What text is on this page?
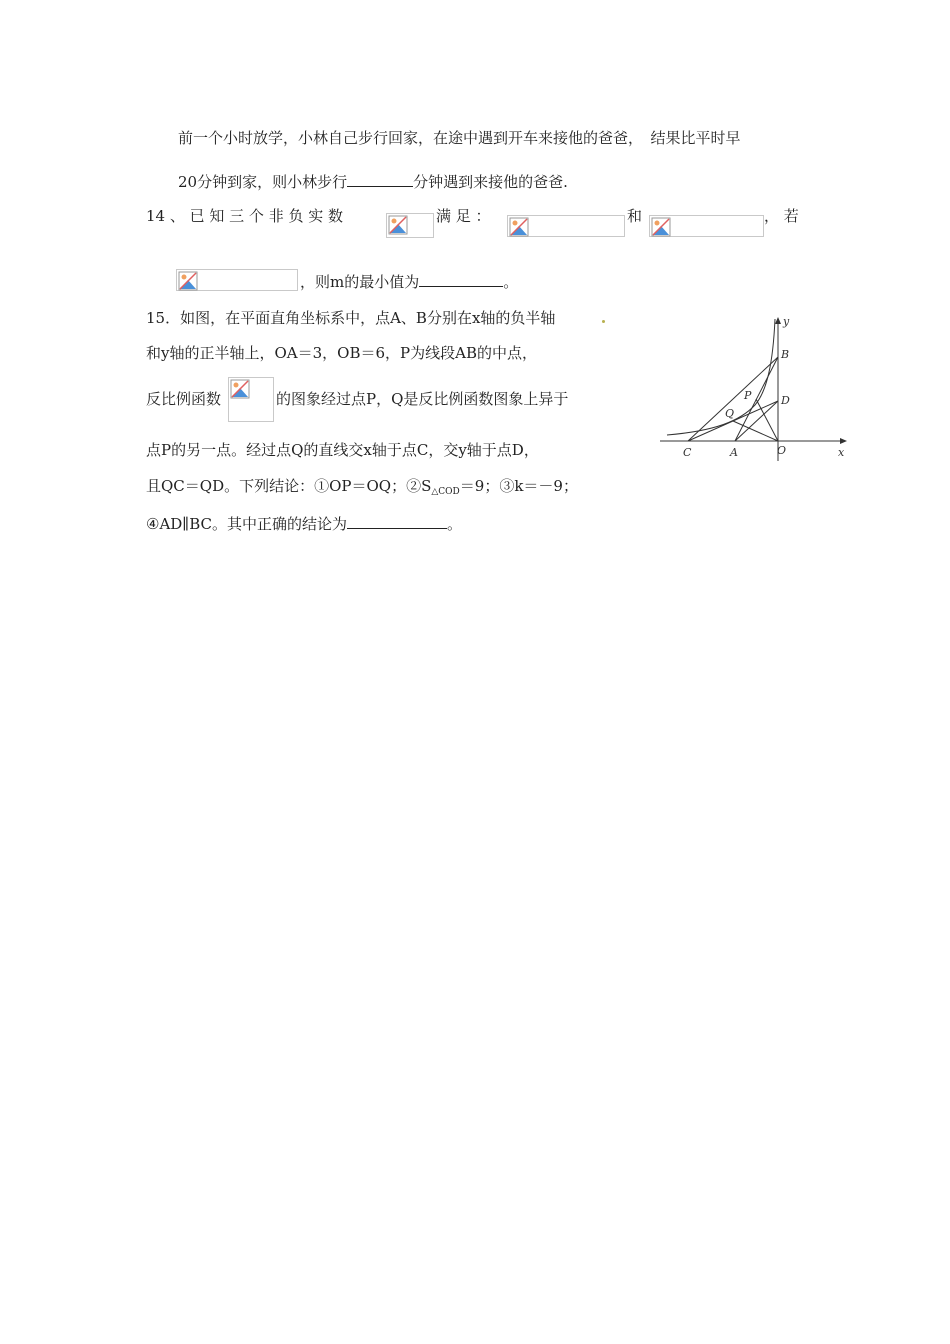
前一个小时放学，小林自己步行回家，在途中遇到开车来接他的爸爸，　结果比平时早
20分钟到家，则小林步行	分钟遇到来接他的爸爸.
14 、 已 知 三 个 非 负 实 数	满 足 ：	和	， 若
，则m的最小值为	。
15．如图，在平面直角坐标系中，点A、B分别在x轴的负半轴
和y轴的正半轴上，OA＝3，OB＝6，P为线段AB的中点，
反比例函数	的图象经过点P，Q是反比例函数图象上异于
点P的另一点。经过点Q的直线交x轴于点C，交y轴于点D，
且QC＝QD。下列结论：①OP＝OQ；$②S_{\triangle COD}=9$；③k＝－9；
④AD∥BC。其中正确的结论为	。
y
x
B
D
P
Q
C	A	O
